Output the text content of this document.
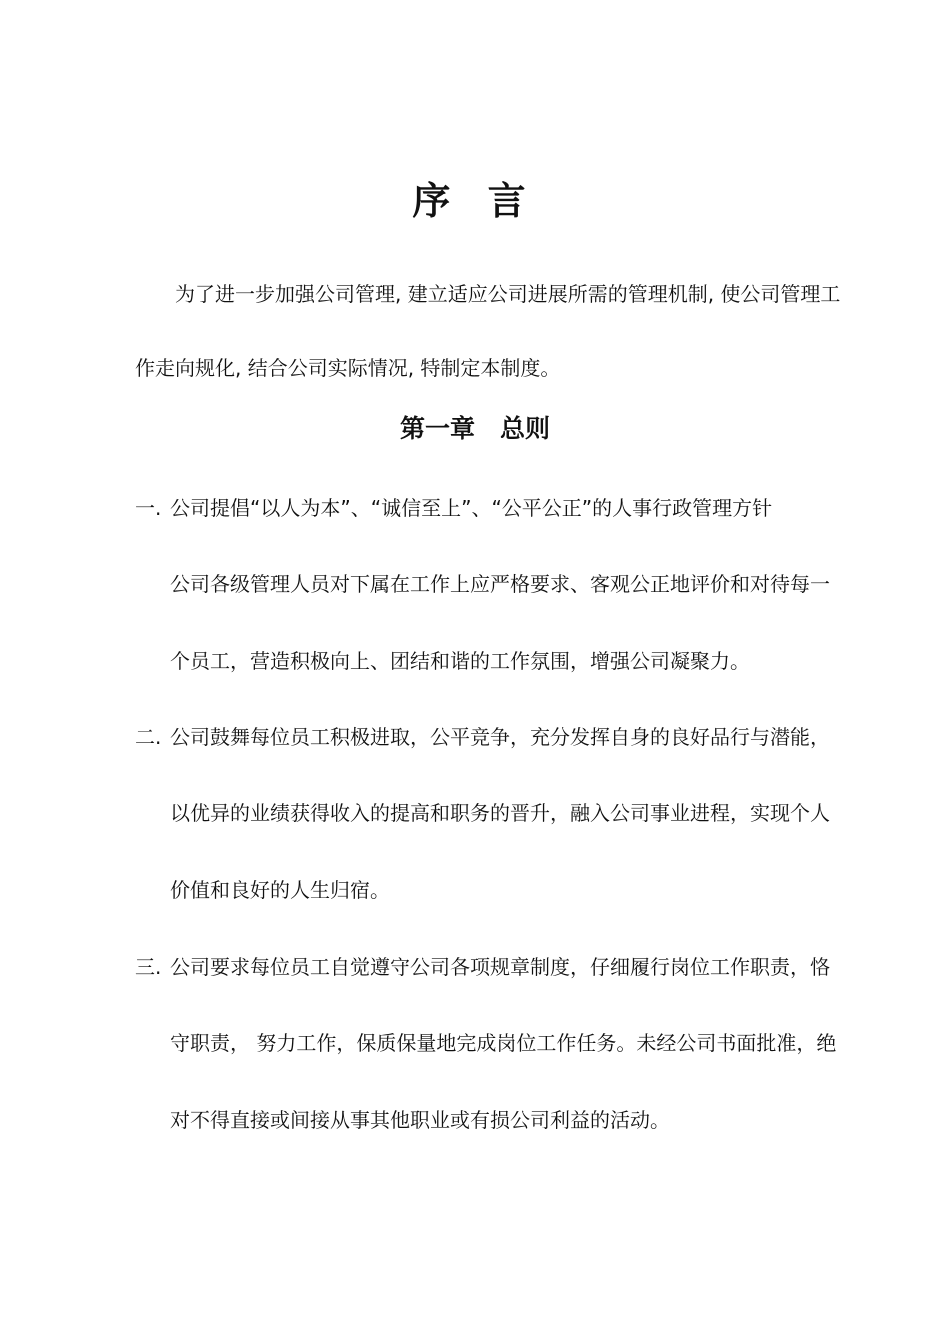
序 言
为了进一步加强公司管理, 建立适应公司进展所需的管理机制, 使公司管理工
作走向规化, 结合公司实际情况, 特制定本制度。
第一章　总则
一. 公司提倡“以人为本”、“诚信至上”、“公平公正”的人事行政管理方针
公司各级管理人员对下属在工作上应严格要求、客观公正地评价和对待每一
个员工，营造积极向上、团结和谐的工作氛围，增强公司凝聚力。
二. 公司鼓舞每位员工积极进取，公平竞争，充分发挥自身的良好品行与潜能，
以优异的业绩获得收入的提高和职务的晋升，融入公司事业进程，实现个人
价值和良好的人生归宿。
三. 公司要求每位员工自觉遵守公司各项规章制度，仔细履行岗位工作职责，恪
守职责， 努力工作，保质保量地完成岗位工作任务。未经公司书面批准，绝
对不得直接或间接从事其他职业或有损公司利益的活动。
